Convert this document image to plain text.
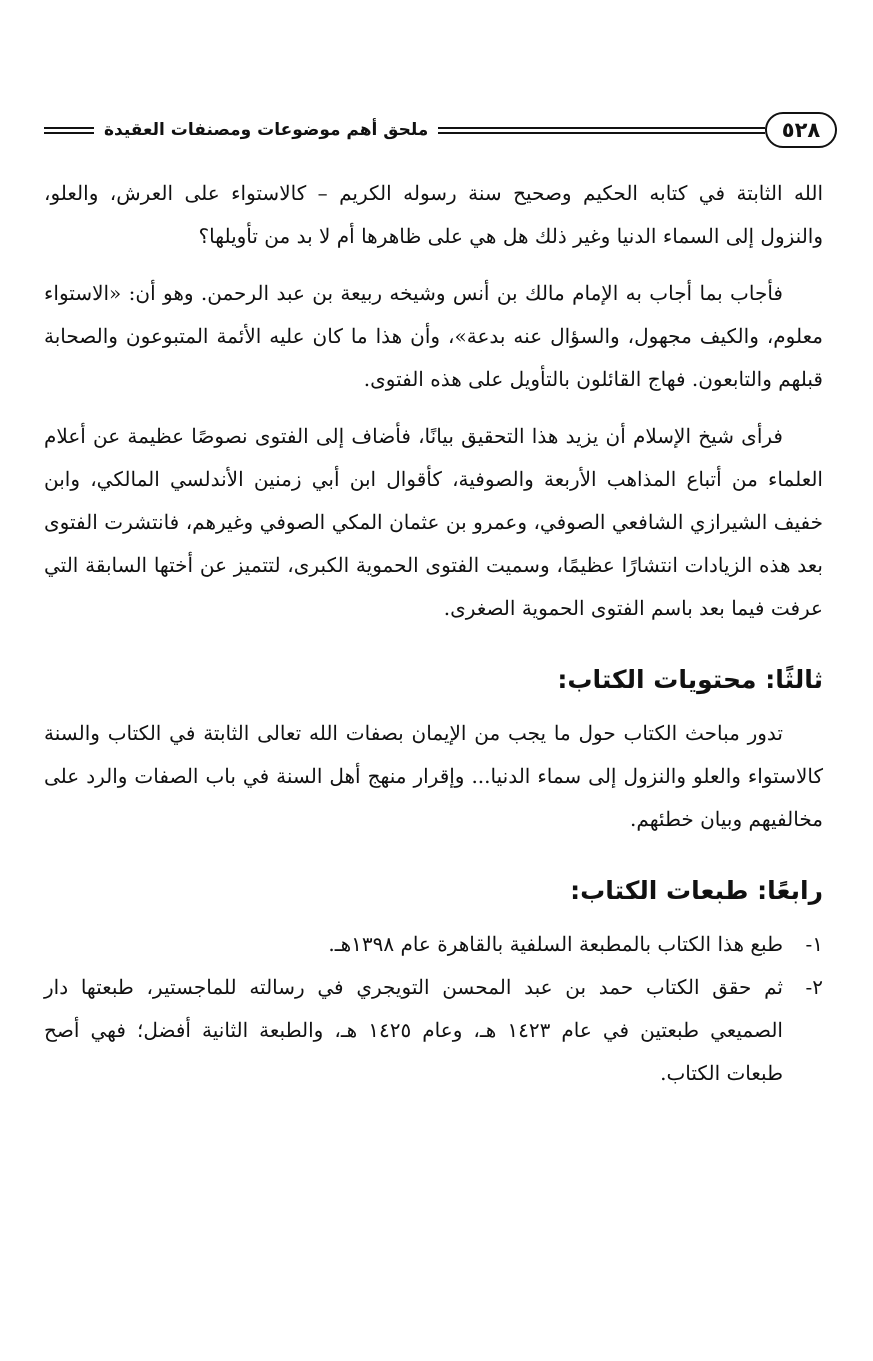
٥٢٨
ملحق أهم موضوعات ومصنفات العقيدة

الله الثابتة في كتابه الحكيم وصحيح سنة رسوله الكريم – كالاستواء على العرش، والعلو، والنزول إلى السماء الدنيا وغير ذلك هل هي على ظاهرها أم لا بد من تأويلها؟

فأجاب بما أجاب به الإمام مالك بن أنس وشيخه ربيعة بن عبد الرحمن. وهو أن: «الاستواء معلوم، والكيف مجهول، والسؤال عنه بدعة»، وأن هذا ما كان عليه الأئمة المتبوعون والصحابة قبلهم والتابعون. فهاج القائلون بالتأويل على هذه الفتوى.

فرأى شيخ الإسلام أن يزيد هذا التحقيق بيانًا، فأضاف إلى الفتوى نصوصًا عظيمة عن أعلام العلماء من أتباع المذاهب الأربعة والصوفية، كأقوال ابن أبي زمنين الأندلسي المالكي، وابن خفيف الشيرازي الشافعي الصوفي، وعمرو بن عثمان المكي الصوفي وغيرهم، فانتشرت الفتوى بعد هذه الزيادات انتشارًا عظيمًا، وسميت الفتوى الحموية الكبرى، لتتميز عن أختها السابقة التي عرفت فيما بعد باسم الفتوى الحموية الصغرى.

ثالثًا: محتويات الكتاب:

تدور مباحث الكتاب حول ما يجب من الإيمان بصفات الله تعالى الثابتة في الكتاب والسنة كالاستواء والعلو والنزول إلى سماء الدنيا... وإقرار منهج أهل السنة في باب الصفات والرد على مخالفيهم وبيان خطئهم.

رابعًا: طبعات الكتاب:
١-
طبع هذا الكتاب بالمطبعة السلفية بالقاهرة عام ١٣٩٨هـ.
٢-
ثم حقق الكتاب حمد بن عبد المحسن التويجري في رسالته للماجستير، طبعتها دار الصميعي طبعتين في عام ١٤٢٣ هـ، وعام ١٤٢٥ هـ، والطبعة الثانية أفضل؛ فهي أصح طبعات الكتاب.
